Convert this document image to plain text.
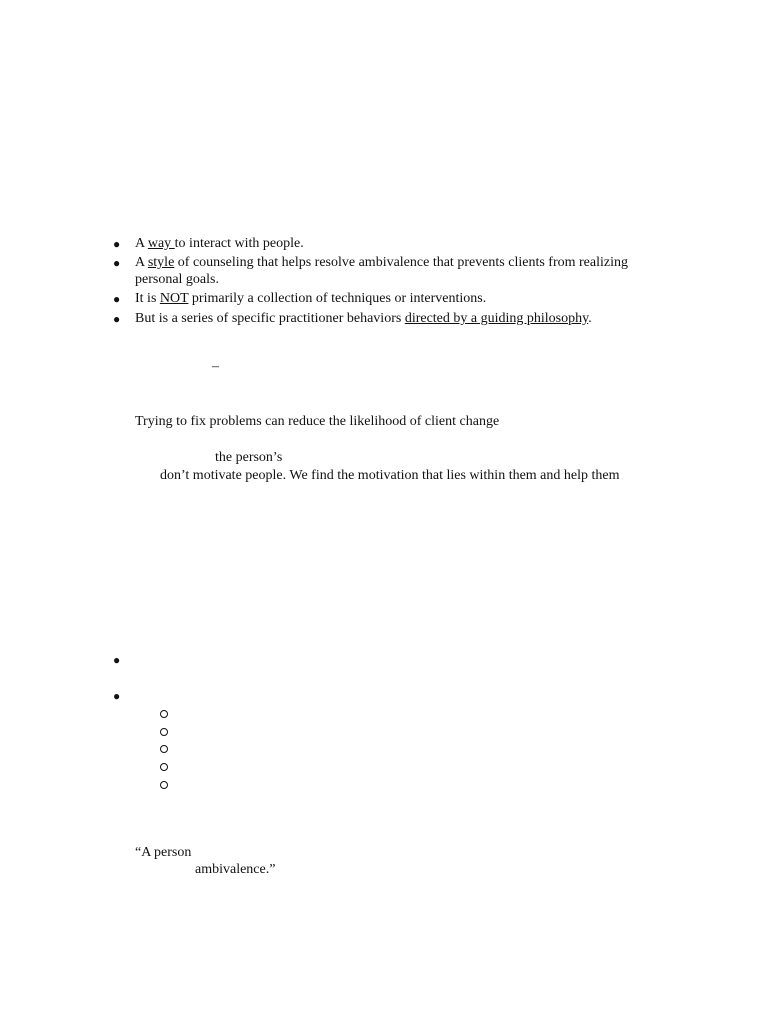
● A way to interact with people.
● A style of counseling that helps resolve ambivalence that prevents clients from realizing
personal goals.
● It is NOT primarily a collection of techniques or interventions.
● But is a series of specific practitioner behaviors directed by a guiding philosophy.
–
Trying to fix problems can reduce the likelihood of client change
the person’s
don’t motivate people. We find the motivation that lies within them and help them
●
●
“A person
ambivalence.”
